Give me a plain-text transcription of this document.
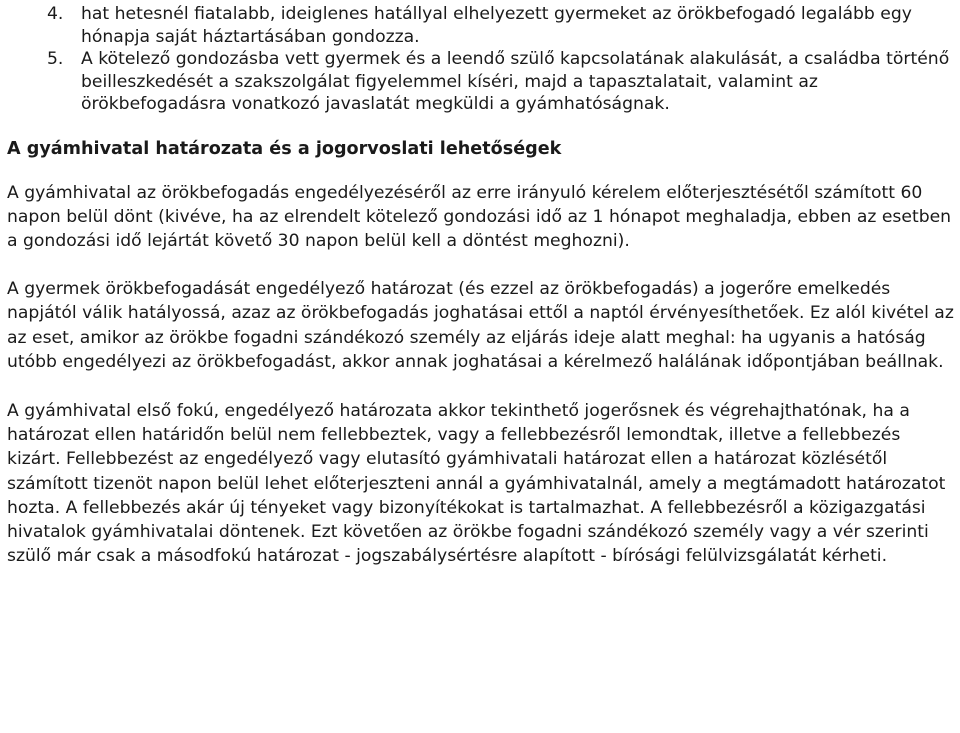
4. hat hetesnél fiatalabb, ideiglenes hatállyal elhelyezett gyermeket az örökbefogadó legalább egy hónapja saját háztartásában gondozza.
5. A kötelező gondozásba vett gyermek és a leendő szülő kapcsolatának alakulását, a családba történő beilleszkedését a szakszolgálat figyelemmel kíséri, majd a tapasztalatait, valamint az örökbefogadásra vonatkozó javaslatát megküldi a gyámhatóságnak.
A gyámhivatal határozata és a jogorvoslati lehetőségek

A gyámhivatal az örökbefogadás engedélyezéséről az erre irányuló kérelem előterjesztésétől számított 60 napon belül dönt (kivéve, ha az elrendelt kötelező gondozási idő az 1 hónapot meghaladja, ebben az esetben a gondozási idő lejártát követő 30 napon belül kell a döntést meghozni).

A gyermek örökbefogadását engedélyező határozat (és ezzel az örökbefogadás) a jogerőre emelkedés napjától válik hatályossá, azaz az örökbefogadás joghatásai ettől a naptól érvényesíthetőek. Ez alól kivétel az az eset, amikor az örökbe fogadni szándékozó személy az eljárás ideje alatt meghal: ha ugyanis a hatóság utóbb engedélyezi az örökbefogadást, akkor annak joghatásai a kérelmező halálának időpontjában beállnak.

A gyámhivatal első fokú, engedélyező határozata akkor tekinthető jogerősnek és végrehajthatónak, ha a határozat ellen határidőn belül nem fellebbeztek, vagy a fellebbezésről lemondtak, illetve a fellebbezés kizárt. Fellebbezést az engedélyező vagy elutasító gyámhivatali határozat ellen a határozat közlésétől számított tizenöt napon belül lehet előterjeszteni annál a gyámhivatalnál, amely a megtámadott határozatot hozta. A fellebbezés akár új tényeket vagy bizonyítékokat is tartalmazhat. A fellebbezésről a közigazgatási hivatalok gyámhivatalai döntenek. Ezt követően az örökbe fogadni szándékozó személy vagy a vér szerinti szülő már csak a másodfokú határozat - jogszabálysértésre alapított - bírósági felülvizsgálatát kérheti.
